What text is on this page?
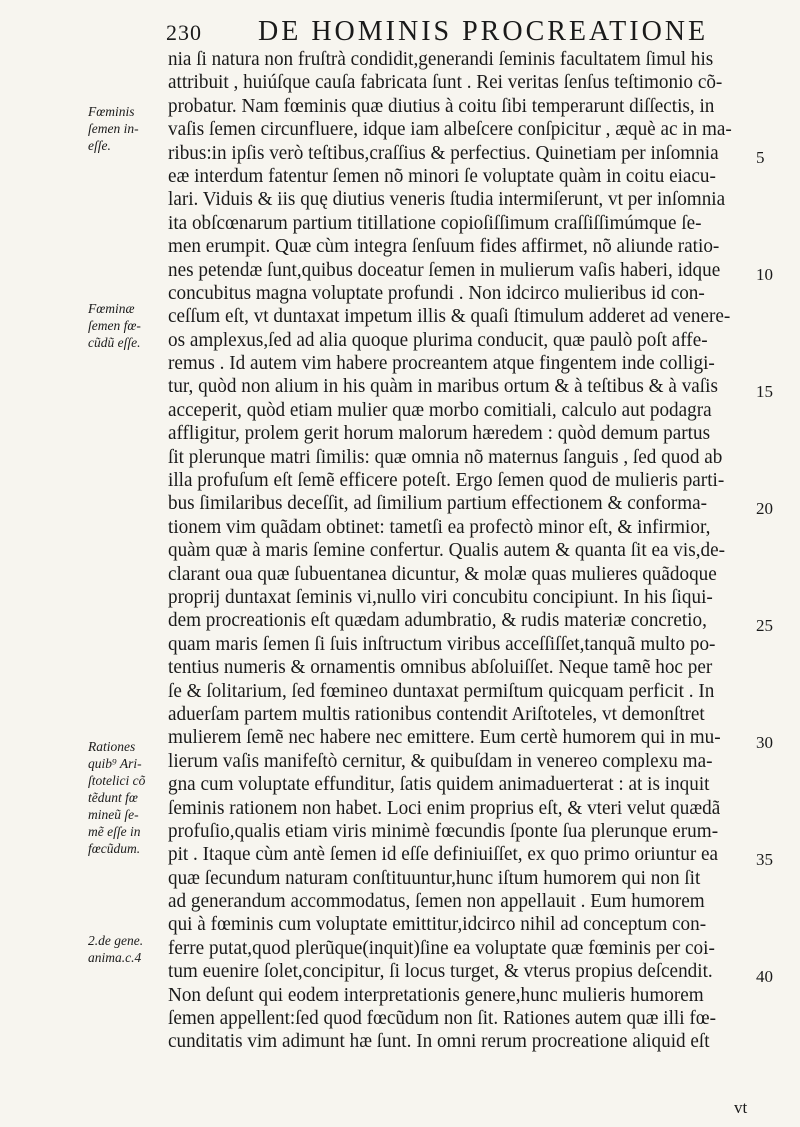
230 DE HOMINIS PROCREATIONE
nia ſi natura non fruſtrà condidit,generandi ſeminis facultatem ſimul his
attribuit , huiúſque cauſa fabricata ſunt . Rei veritas ſenſus teſtimonio cõ-
probatur. Nam fœminis quæ diutius à coitu ſibi temperarunt diſſectis, in
vaſis ſemen circunfluere, idque iam albeſcere conſpicitur , æquè ac in ma-
ribus:in ipſis verò teſtibus,craſſius & perfectius. Quinetiam per inſomnia
eæ interdum fatentur ſemen nõ minori ſe voluptate quàm in coitu eiacu-
lari. Viduis & iis quę diutius veneris ſtudia intermiſerunt, vt per inſomnia
ita obſcœnarum partium titillatione copioſiſſimum craſſiſſimúmque ſe-
men erumpit. Quæ cùm integra ſenſuum fides affirmet, nõ aliunde ratio-
nes petendæ ſunt,quibus doceatur ſemen in mulierum vaſis haberi, idque
concubitus magna voluptate profundi . Non idcirco mulieribus id con-
ceſſum eſt, vt duntaxat impetum illis & quaſi ſtimulum adderet ad venere-
os amplexus,ſed ad alia quoque plurima conducit, quæ paulò poſt affe-
remus . Id autem vim habere procreantem atque fingentem inde colligi-
tur, quòd non alium in his quàm in maribus ortum & à teſtibus & à vaſis
acceperit, quòd etiam mulier quæ morbo comitiali, calculo aut podagra
affligitur, prolem gerit horum malorum hæredem : quòd demum partus
ſit plerunque matri ſimilis: quæ omnia nõ maternus ſanguis , ſed quod ab
illa profuſum eſt ſemẽ efficere poteſt. Ergo ſemen quod de mulieris parti-
bus ſimilaribus deceſſit, ad ſimilium partium effectionem & conforma-
tionem vim quãdam obtinet: tametſi ea profectò minor eſt, & infirmior,
quàm quæ à maris ſemine confertur. Qualis autem & quanta ſit ea vis,de-
clarant oua quæ ſubuentanea dicuntur, & molæ quas mulieres quãdoque
proprij duntaxat ſeminis vi,nullo viri concubitu concipiunt. In his ſiqui-
dem procreationis eſt quædam adumbratio, & rudis materiæ concretio,
quam maris ſemen ſi ſuis inſtructum viribus acceſſiſſet,tanquã multo po-
tentius numeris & ornamentis omnibus abſoluiſſet. Neque tamẽ hoc per
ſe & ſolitarium, ſed fœmineo duntaxat permiſtum quicquam perficit . In
aduerſam partem multis rationibus contendit Ariſtoteles, vt demonſtret
mulierem ſemẽ nec habere nec emittere. Eum certè humorem qui in mu-
lierum vaſis manifeſtò cernitur, & quibuſdam in venereo complexu ma-
gna cum voluptate effunditur, ſatis quidem animaduerterat : at is inquit
ſeminis rationem non habet. Loci enim proprius eſt, & vteri velut quædã
profuſio,qualis etiam viris minimè fœcundis ſponte ſua plerunque erum-
pit . Itaque cùm antè ſemen id eſſe definiuiſſet, ex quo primo oriuntur ea
quæ ſecundum naturam conſtituuntur,hunc iſtum humorem qui non ſit
ad generandum accommodatus, ſemen non appellauit . Eum humorem
qui à fœminis cum voluptate emittitur,idcirco nihil ad conceptum con-
ferre putat,quod plerũque(inquit)ſine ea voluptate quæ fœminis per coi-
tum euenire ſolet,concipitur, ſi locus turget, & vterus propius deſcendit.
Non deſunt qui eodem interpretationis genere,hunc mulieris humorem
ſemen appellent:ſed quod fœcũdum non ſit. Rationes autem quæ illi fœ-
cunditatis vim adimunt hæ ſunt. In omni rerum procreatione aliquid eſt
Fœminis
ſemen in-
eſſe.
Fœminæ
ſemen fœ-
cũdũ eſſe.
Rationes
quib⁹ Ari-
ſtotelici cõ
tẽdunt fœ
mineũ ſe-
mẽ eſſe in
fœcũdum.
2.de gene.
anima.c.4
5
10
15
20
25
30
35
40
vt
